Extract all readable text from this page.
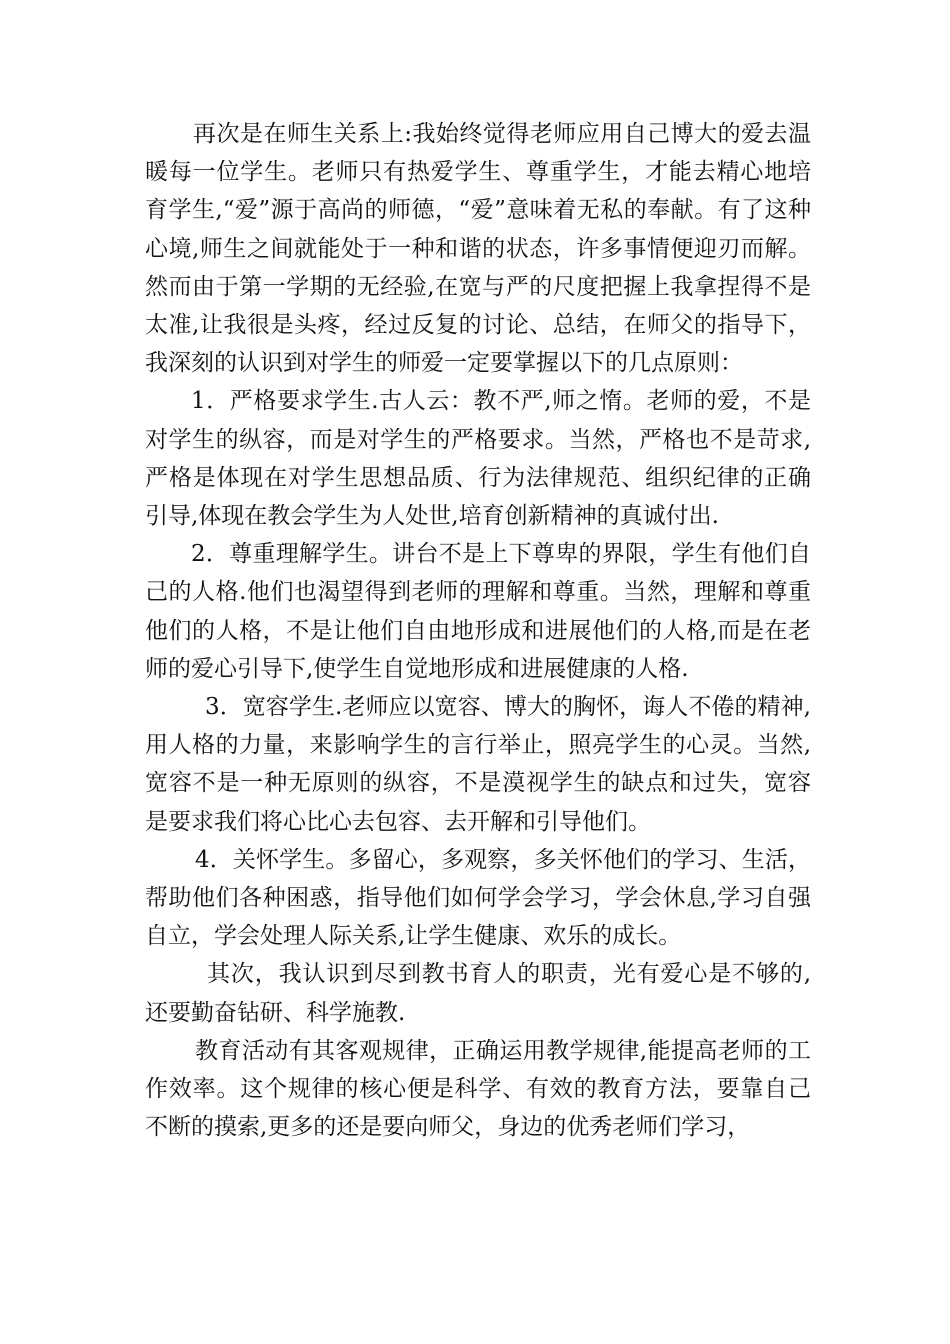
再次是在师生关系上:我始终觉得老师应用自己博大的爱去温暖每一位学生。老师只有热爱学生、尊重学生，才能去精心地培育学生,“爱”源于高尚的师德，“爱”意味着无私的奉献。有了这种心境,师生之间就能处于一种和谐的状态，许多事情便迎刃而解。然而由于第一学期的无经验,在宽与严的尺度把握上我拿捏得不是太准,让我很是头疼，经过反复的讨论、总结，在师父的指导下，我深刻的认识到对学生的师爱一定要掌握以下的几点原则：

1．严格要求学生.古人云：教不严,师之惰。老师的爱，不是对学生的纵容，而是对学生的严格要求。当然，严格也不是苛求,严格是体现在对学生思想品质、行为法律规范、组织纪律的正确引导,体现在教会学生为人处世,培育创新精神的真诚付出.

2．尊重理解学生。讲台不是上下尊卑的界限，学生有他们自己的人格.他们也渴望得到老师的理解和尊重。当然，理解和尊重他们的人格，不是让他们自由地形成和进展他们的人格,而是在老师的爱心引导下,使学生自觉地形成和进展健康的人格.

3．宽容学生.老师应以宽容、博大的胸怀，诲人不倦的精神,用人格的力量，来影响学生的言行举止，照亮学生的心灵。当然,宽容不是一种无原则的纵容，不是漠视学生的缺点和过失，宽容是要求我们将心比心去包容、去开解和引导他们。

4．关怀学生。多留心，多观察，多关怀他们的学习、生活，帮助他们各种困惑，指导他们如何学会学习，学会休息,学习自强自立，学会处理人际关系,让学生健康、欢乐的成长。

其次，我认识到尽到教书育人的职责，光有爱心是不够的,还要勤奋钻研、科学施教.

教育活动有其客观规律，正确运用教学规律,能提高老师的工作效率。这个规律的核心便是科学、有效的教育方法，要靠自己不断的摸索,更多的还是要向师父，身边的优秀老师们学习，
